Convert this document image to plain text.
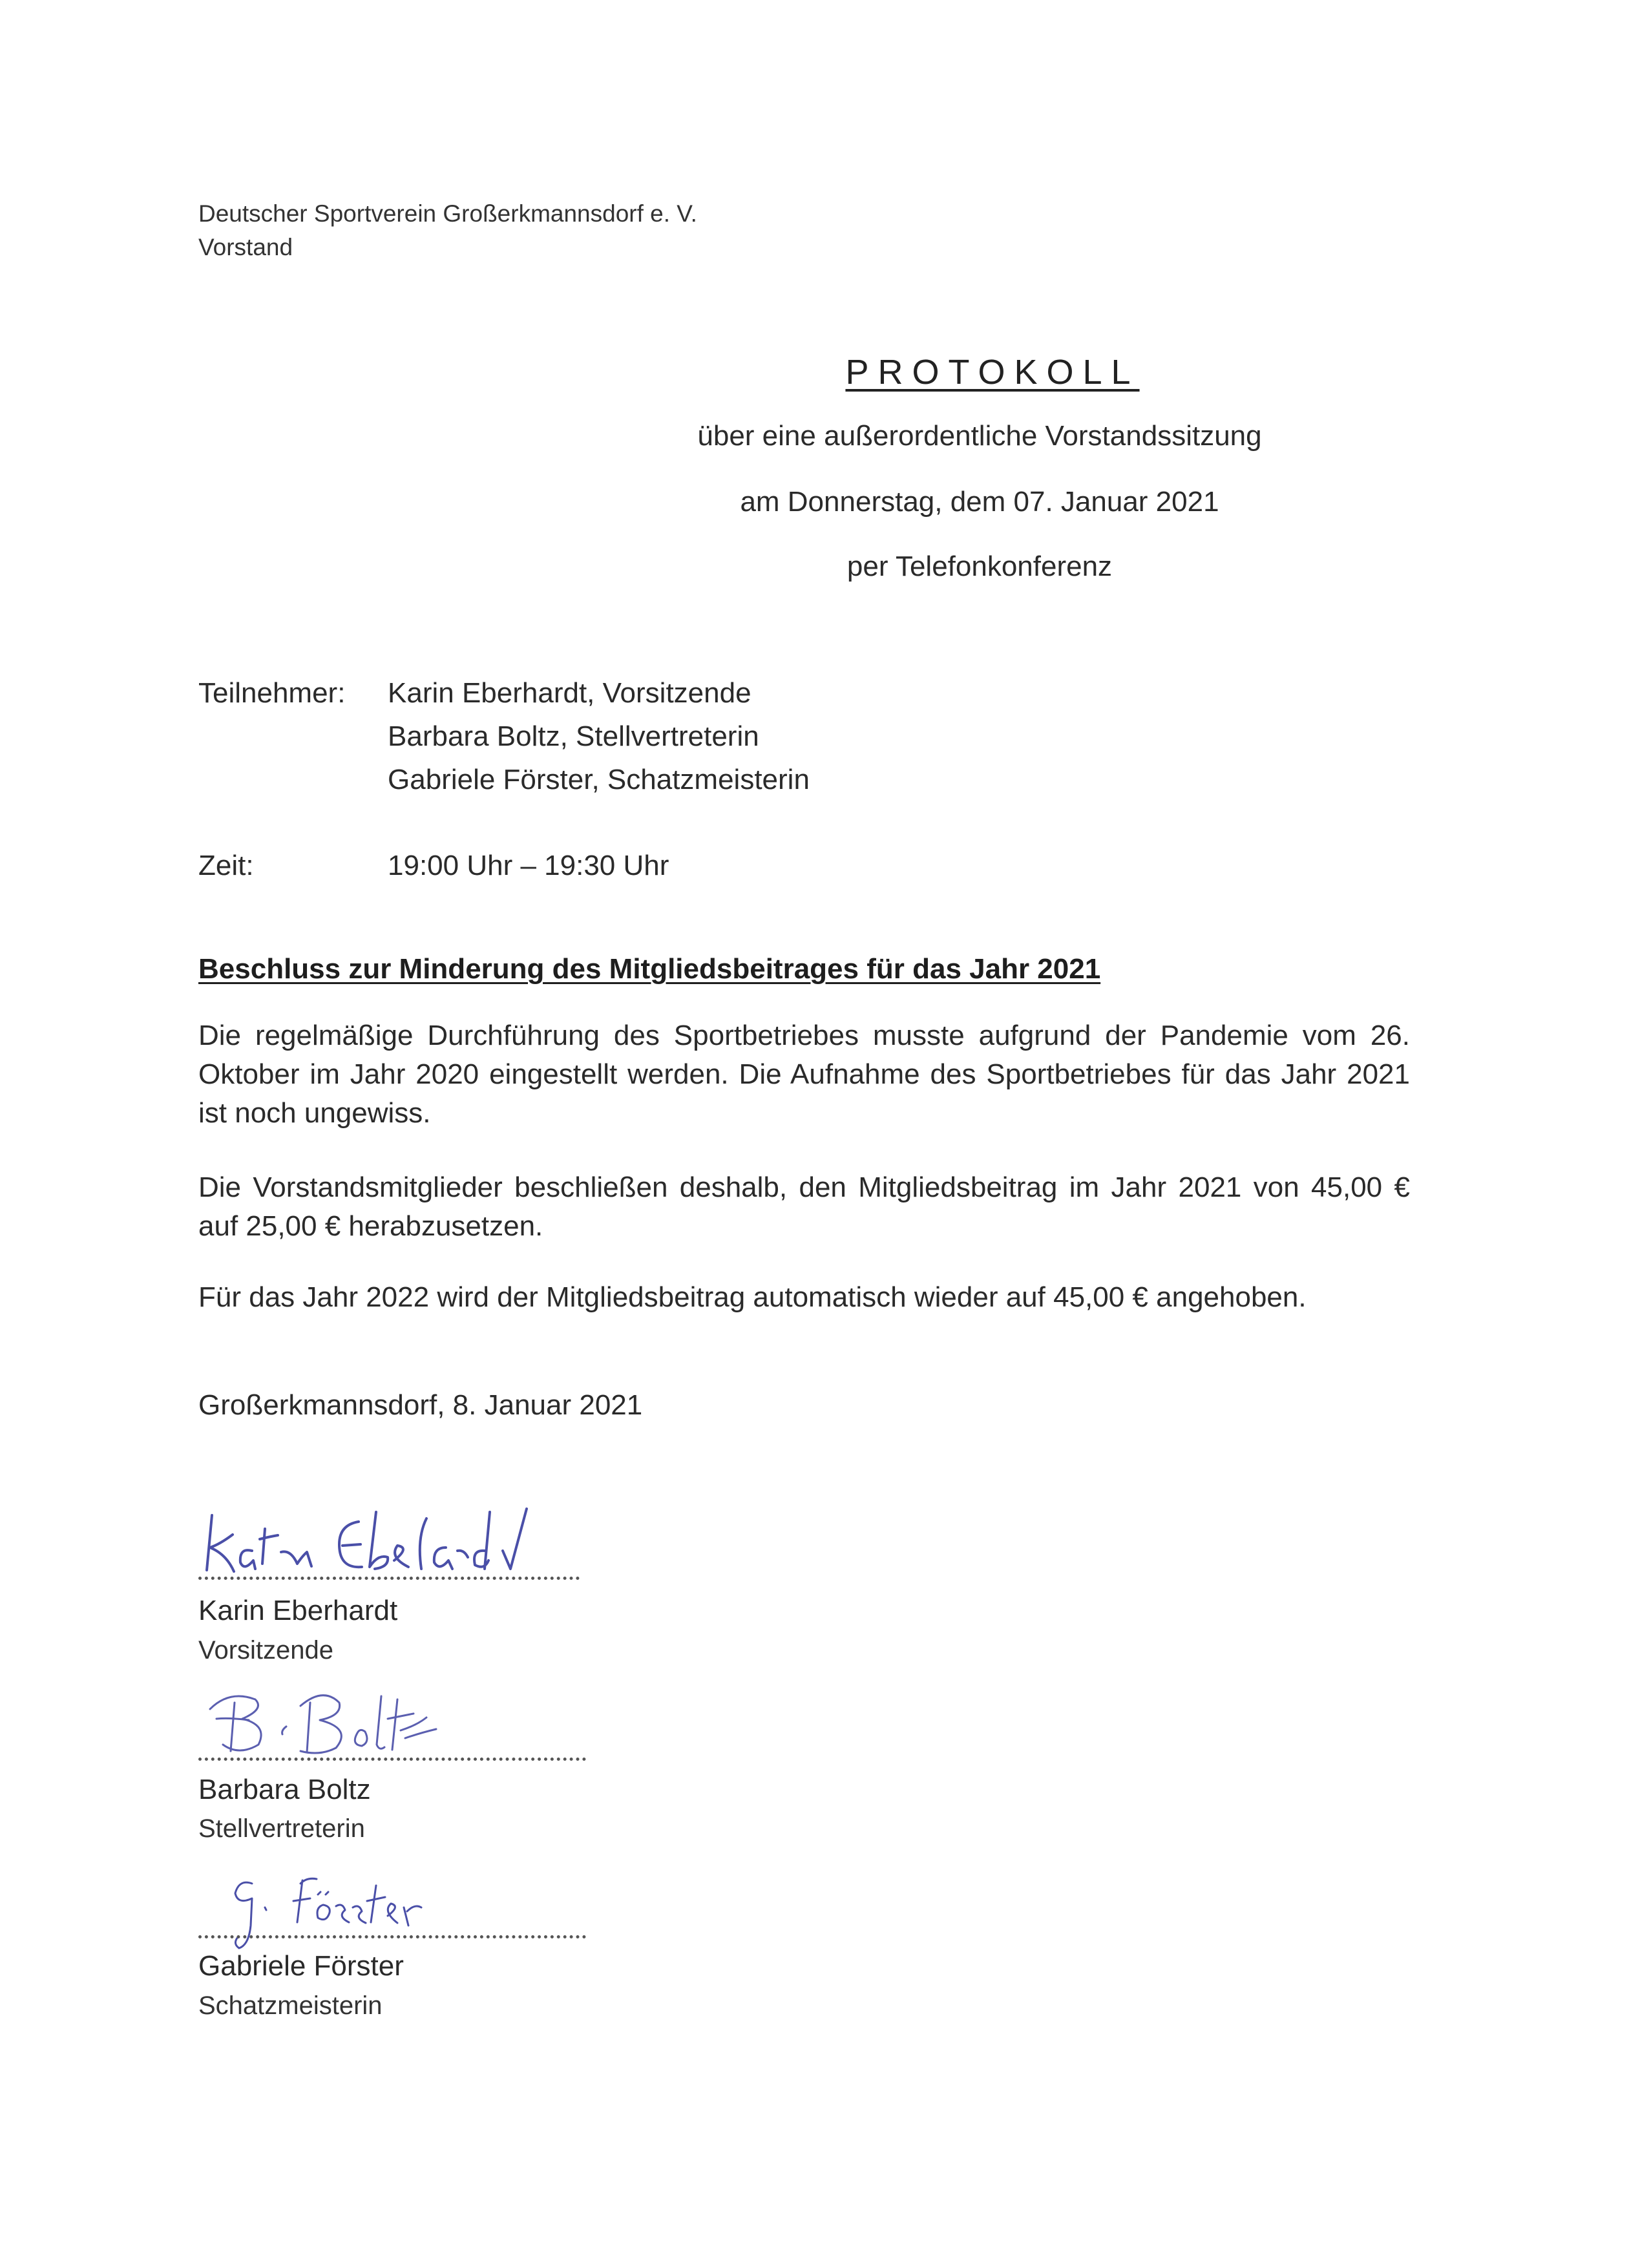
Deutscher Sportverein Großerkmannsdorf e. V.
Vorstand
PROTOKOLL
über eine außerordentliche Vorstandssitzung
am Donnerstag, dem 07. Januar 2021
per Telefonkonferenz
Teilnehmer: Karin Eberhardt, Vorsitzende
Barbara Boltz, Stellvertreterin
Gabriele Förster, Schatzmeisterin
Zeit:	19:00 Uhr – 19:30 Uhr
Beschluss zur Minderung des Mitgliedsbeitrages für das Jahr 2021
Die regelmäßige Durchführung des Sportbetriebes musste aufgrund der Pandemie vom 26. Oktober im Jahr 2020 eingestellt werden. Die Aufnahme des Sportbetriebes für das Jahr 2021 ist noch ungewiss.
Die Vorstandsmitglieder beschließen deshalb, den Mitgliedsbeitrag im Jahr 2021 von 45,00 € auf 25,00 € herabzusetzen.
Für das Jahr 2022 wird der Mitgliedsbeitrag automatisch wieder auf 45,00 € angehoben.
Großerkmannsdorf, 8. Januar 2021
Karin Eberhardt
Vorsitzende
Barbara Boltz
Stellvertreterin
Gabriele Förster
Schatzmeisterin
